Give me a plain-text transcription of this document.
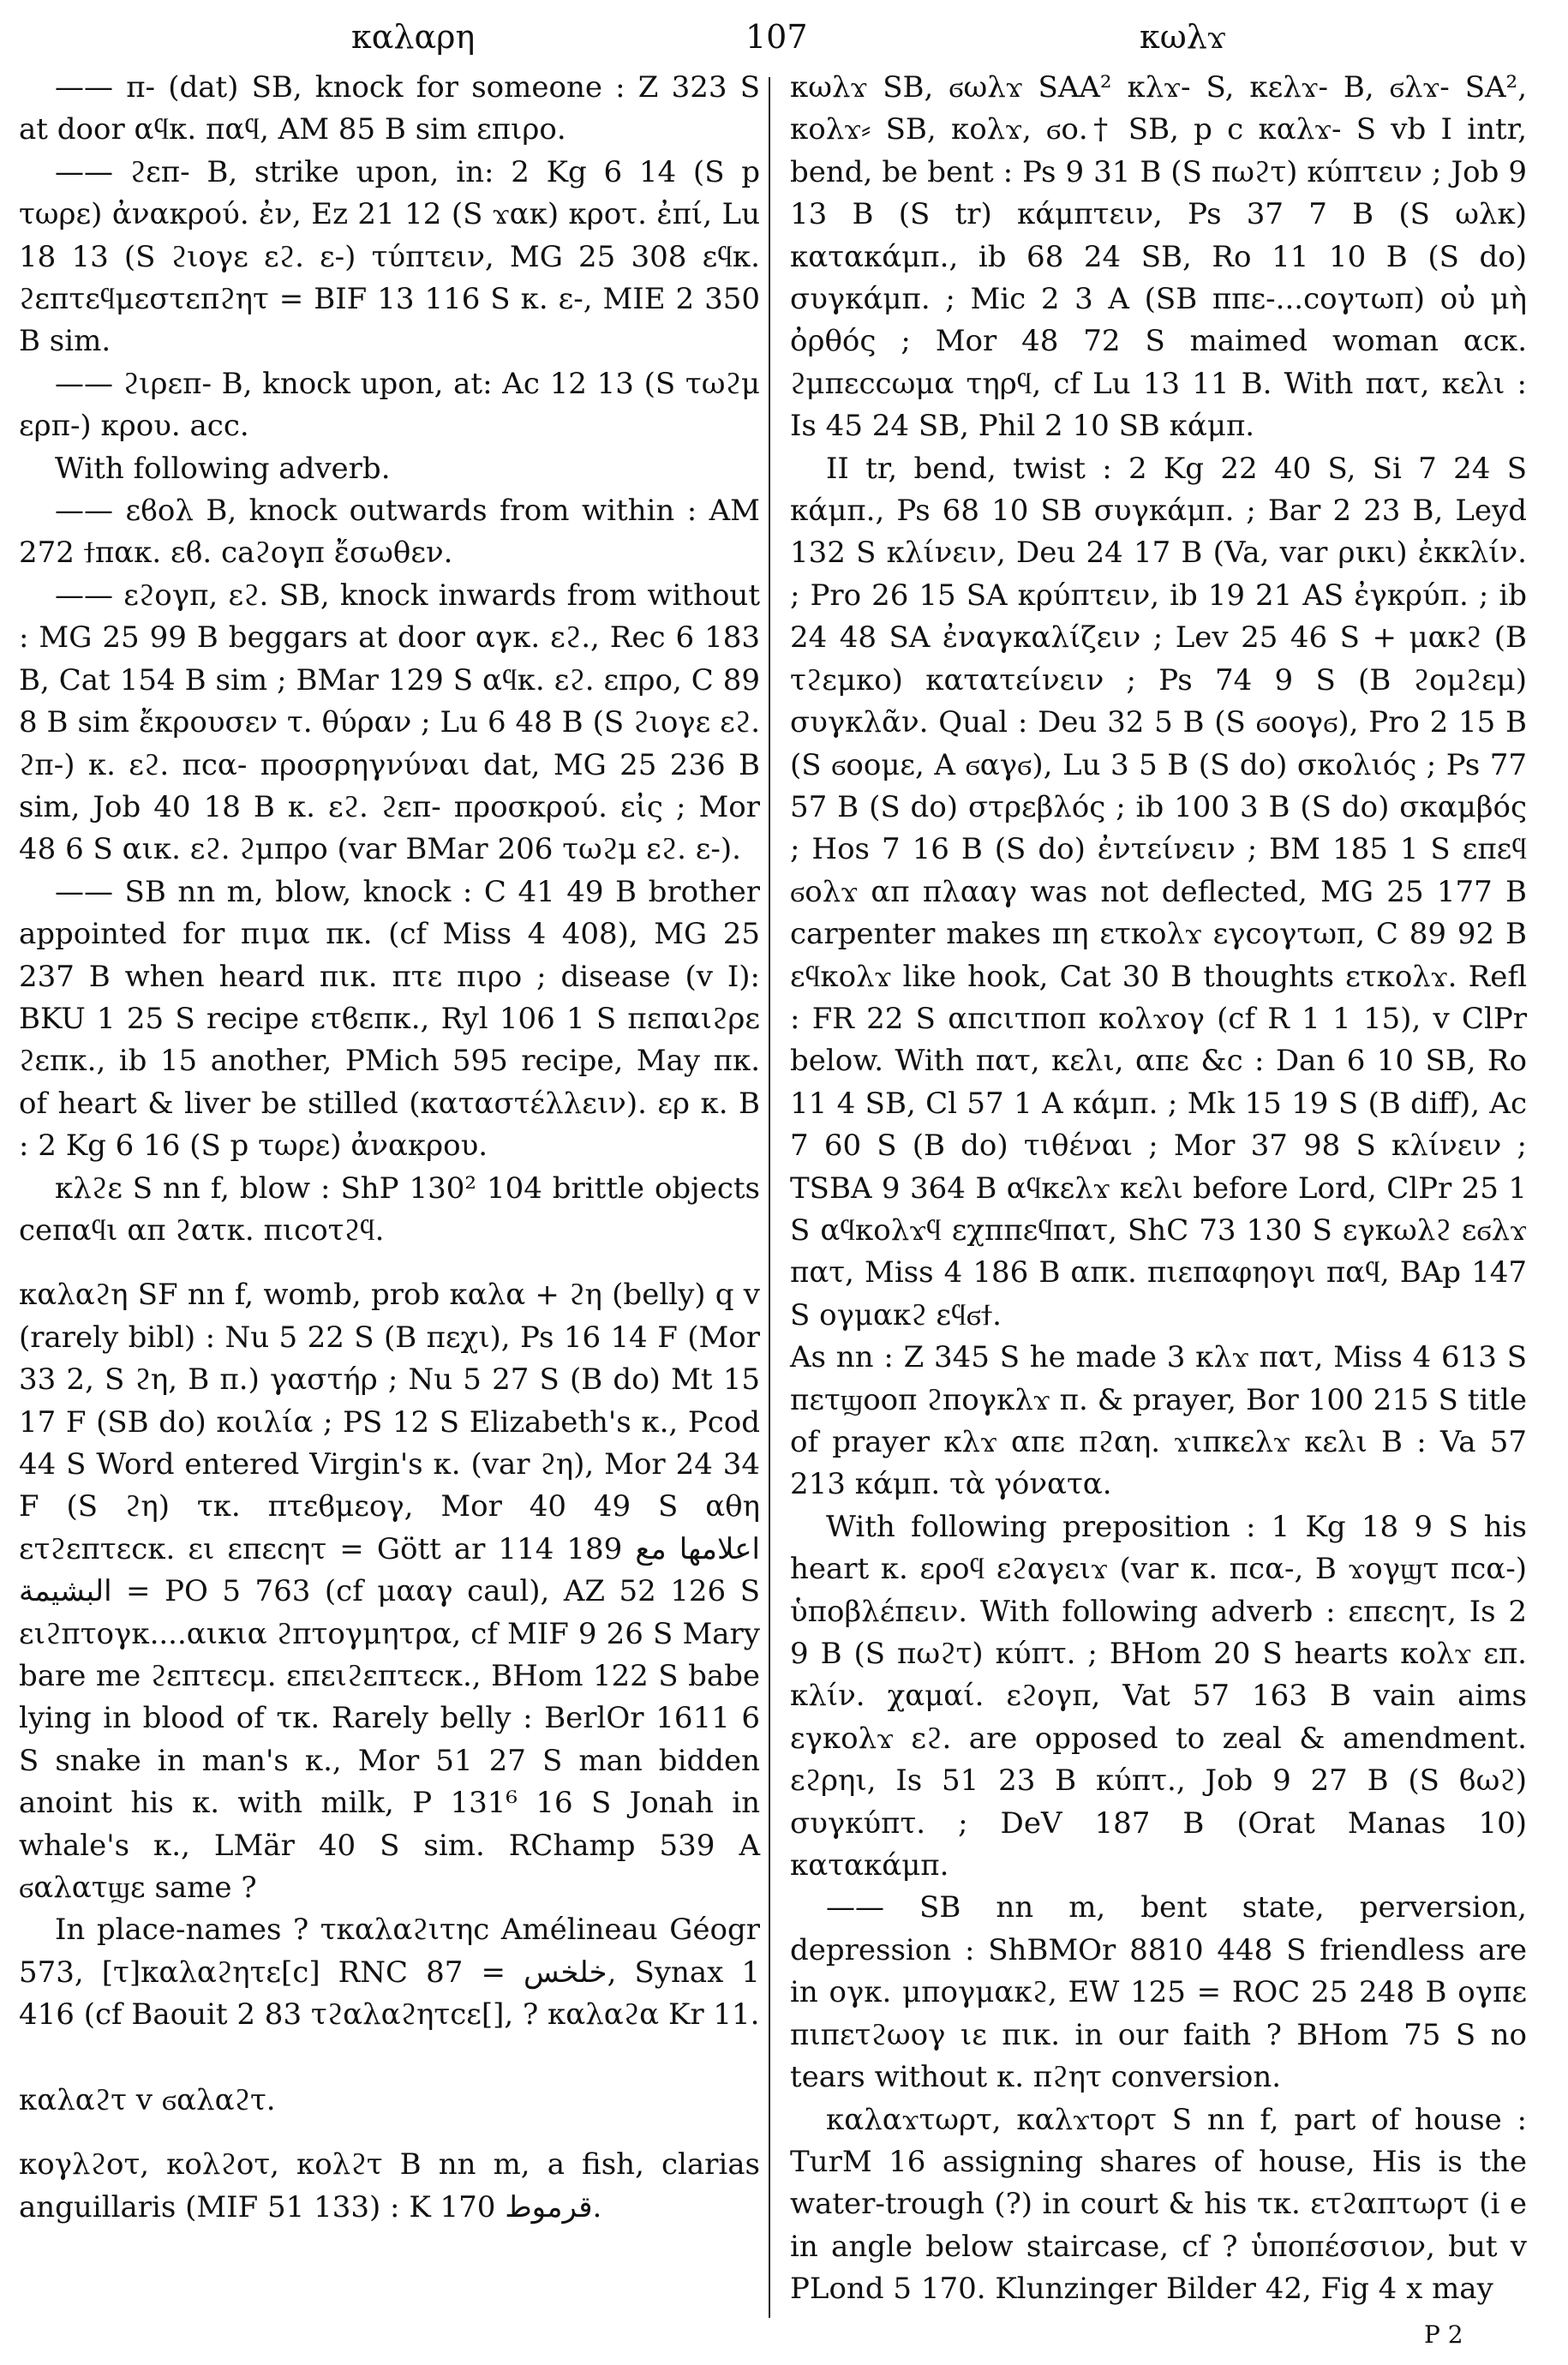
καλαρη	107	κωλϫ

—— π- (dat) SB, knock for someone : Z 323 S at door αϥκ. παϥ, AM 85 B sim επιρο.

—— ϩεπ- B, strike upon, in: 2 Kg 6 14 (S p τωρε) ἀνακρού. ἐν, Ez 21 12 (S ϫακ) κροτ. ἐπί, Lu 18 13 (S ϩιογε εϩ. ε-) τύπτειν, MG 25 308 εϥκ. ϩεπτεϥμεστεπϩητ = BIF 13 116 S κ. ε-, MIE 2 350 B sim.

—— ϩιρεπ- B, knock upon, at: Ac 12 13 (S τωϩμ ερπ-) κρου. acc.

With following adverb.

—— εϐολ B, knock outwards from within : AM 272 ϯπακ. εϐ. caϩογπ ἔσωθεν.

—— εϩογπ, εϩ. SB, knock inwards from without : MG 25 99 B beggars at door αγκ. εϩ., Rec 6 183 B, Cat 154 B sim ; BMar 129 S αϥκ. εϩ. επρο, C 89 8 B sim ἔκρουσεν τ. θύραν ; Lu 6 48 B (S ϩιογε εϩ. ϩπ-) κ. εϩ. πcα- προσρηγνύναι dat, MG 25 236 B sim, Job 40 18 B κ. εϩ. ϩεπ- προσκρού. εἰς ; Mor 48 6 S αικ. εϩ. ϩμπρο (var BMar 206 τωϩμ εϩ. ε-).

—— SB nn m, blow, knock : C 41 49 B brother appointed for πιμα πκ. (cf Miss 4 408), MG 25 237 B when heard πικ. πτε πιρο ; disease (v I): BKU 1 25 S recipe ετϐεπκ., Ryl 106 1 S πεπαιϩρε ϩεπκ., ib 15 another, PMich 595 recipe, May πκ. of heart & liver be stilled (καταστέλλειν). ερ κ. B : 2 Kg 6 16 (S p τωρε) ἀνακρου.

κλϩε S nn f, blow : ShP 130² 104 brittle objects ceπαϥι απ ϩατκ. πιcοτϩϥ.

καλαϩη SF nn f, womb, prob καλα + ϩη (belly) q v (rarely bibl) : Nu 5 22 S (B πεχι), Ps 16 14 F (Mor 33 2, S ϩη, B π.) γαστήρ ; Nu 5 27 S (B do) Mt 15 17 F (SB do) κοιλία ; PS 12 S Elizabeth's κ., Pcod 44 S Word entered Virgin's κ. (var ϩη), Mor 24 34 F (S ϩη) τκ. πτεϐμεογ, Mor 40 49 S αθη ετϩεπτεcκ. ει επεcητ = Gött ar 114 189 اعلامها مع البشيمة = PO 5 763 (cf μααγ caul), AZ 52 126 S ειϩπτογκ....αικια ϩπτογμητρα, cf MIF 9 26 S Mary bare me ϩεπτεcμ. επειϩεπτεcκ., BHom 122 S babe lying in blood of τκ. Rarely belly : BerlOr 1611 6 S snake in man's κ., Mor 51 27 S man bidden anoint his κ. with milk, P 131⁶ 16 S Jonah in whale's κ., LMär 40 S sim. RChamp 539 A ϭαλατϣε same ?

In place-names ? τκαλαϩιτηc Amélineau Géogr 573, [τ]καλαϩητε[c] RNC 87 = خلخس, Synax 1 416 (cf Baouit 2 83 τϩαλαϩητcε[], ? καλαϩα Kr 11.

καλαϩτ v ϭαλαϩτ.

κογλϩοτ, κολϩοτ, κολϩτ B nn m, a fish, clarias anguillaris (MIF 51 133) : K 170 قرموط.

κωλϫ SB, ϭωλϫ SAA² κλϫ- S, κελϫ- B, ϭλϫ- SA², κολϫ⸗ SB, κολϫ, ϭο.† SB, p c καλϫ- S vb I intr, bend, be bent : Ps 9 31 B (S πωϩτ) κύπτειν ; Job 9 13 B (S tr) κάμπτειν, Ps 37 7 B (S ωλκ) κατακάμπ., ib 68 24 SB, Ro 11 10 B (S do) συγκάμπ. ; Mic 2 3 A (SB ππε-...cογτωπ) οὐ μὴ ὀρθός ; Mor 48 72 S maimed woman αcκ. ϩμπεccωμα τηρϥ, cf Lu 13 11 B. With πατ, κελι : Is 45 24 SB, Phil 2 10 SB κάμπ.

II tr, bend, twist : 2 Kg 22 40 S, Si 7 24 S κάμπ., Ps 68 10 SB συγκάμπ. ; Bar 2 23 B, Leyd 132 S κλίνειν, Deu 24 17 B (Va, var ρικι) ἐκκλίν. ; Pro 26 15 SA κρύπτειν, ib 19 21 AS ἐγκρύπ. ; ib 24 48 SA ἐναγκαλίζειν ; Lev 25 46 S + μακϩ (B τϩεμκο) κατατείνειν ; Ps 74 9 S (B ϩομϩεμ) συγκλᾶν. Qual : Deu 32 5 B (S ϭοογϭ), Pro 2 15 B (S ϭοομε, A ϭαγϭ), Lu 3 5 B (S do) σκολιός ; Ps 77 57 B (S do) στρεβλός ; ib 100 3 B (S do) σκαμβός ; Hos 7 16 B (S do) ἐντείνειν ; BM 185 1 S επεϥ ϭολϫ απ πλααγ was not deflected, MG 25 177 B carpenter makes πη ετκολϫ εγcογτωπ, C 89 92 B εϥκολϫ like hook, Cat 30 B thoughts ετκολϫ. Refl : FR 22 S απcιτποπ κολϫογ (cf R 1 1 15), v ClPr below. With πατ, κελι, απε &c : Dan 6 10 SB, Ro 11 4 SB, Cl 57 1 A κάμπ. ; Mk 15 19 S (B diff), Ac 7 60 S (B do) τιθέναι ; Mor 37 98 S κλίνειν ; TSBA 9 364 B αϥκελϫ κελι before Lord, ClPr 25 1 S αϥκολϫϥ εχππεϥπατ, ShC 73 130 S εγκωλϩ εϭλϫ πατ, Miss 4 186 B απκ. πιεπαφηογι παϥ, BAp 147 S ογμακϩ εϥϭϯ.

As nn : Z 345 S he made 3 κλϫ πατ, Miss 4 613 S πετϣοοπ ϩπογκλϫ π. & prayer, Bor 100 215 S title of prayer κλϫ απε πϩαη. ϫιπκελϫ κελι B : Va 57 213 κάμπ. τὰ γόνατα.

With following preposition : 1 Kg 18 9 S his heart κ. εροϥ εϩαγειϫ (var κ. πcα-, B ϫογϣτ πcα-) ὑποβλέπειν. With following adverb : επεcητ, Is 2 9 B (S πωϩτ) κύπτ. ; BHom 20 S hearts κολϫ επ. κλίν. χαμαί. εϩογπ, Vat 57 163 B vain aims εγκολϫ εϩ. are opposed to zeal & amendment. εϩρηι, Is 51 23 B κύπτ., Job 9 27 B (S ϐωϩ) συγκύπτ. ; DeV 187 B (Orat Manas 10) κατακάμπ.

—— SB nn m, bent state, perversion, depression : ShBMOr 8810 448 S friendless are in ογκ. μπογμακϩ, EW 125 = ROC 25 248 B ογπε πιπετϩωογ ιε πικ. in our faith ? BHom 75 S no tears without κ. πϩητ conversion.

καλαϫτωρτ, καλϫτορτ S nn f, part of house : TurM 16 assigning shares of house, His is the water-trough (?) in court & his τκ. ετϩαπτωρτ (i e in angle below staircase, cf ? ὑποπέσσιον, but v PLond 5 170. Klunzinger Bilder 42, Fig 4 x may

P 2
